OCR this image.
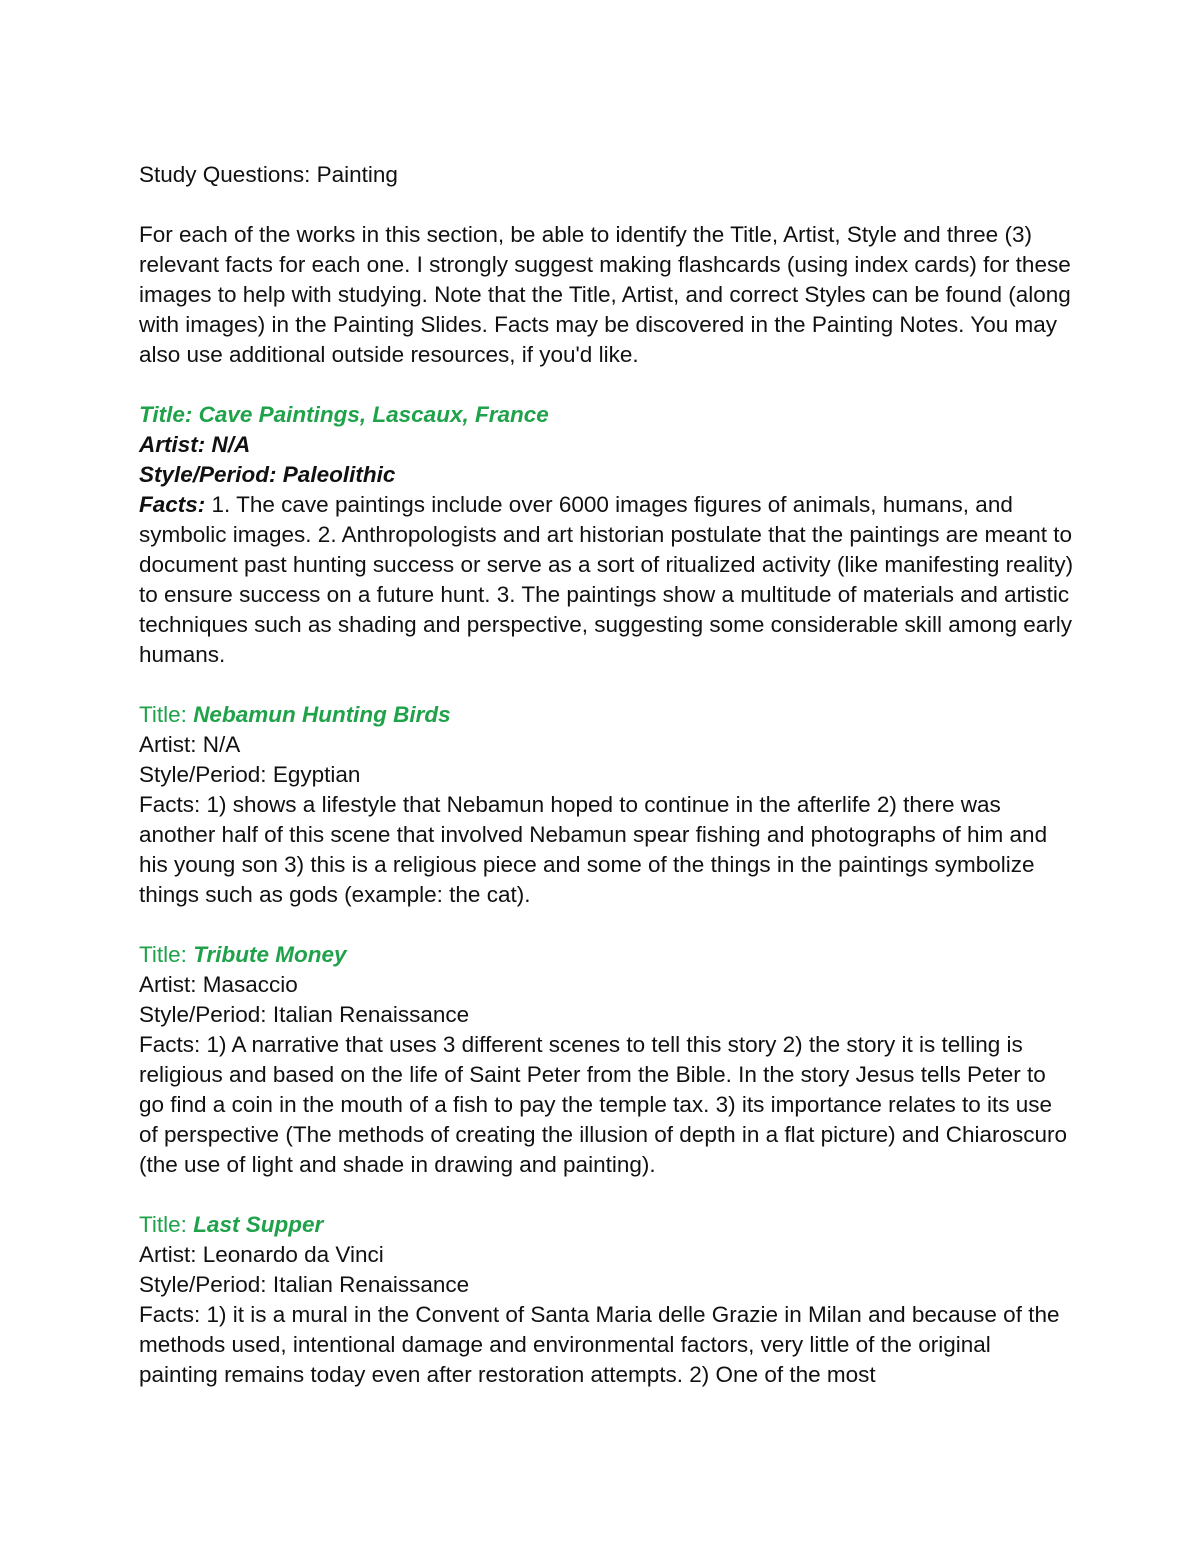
Study Questions: Painting

For each of the works in this section, be able to identify the Title, Artist, Style and three (3) relevant facts for each one. I strongly suggest making flashcards (using index cards) for these images to help with studying. Note that the Title, Artist, and correct Styles can be found (along with images) in the Painting Slides. Facts may be discovered in the Painting Notes. You may also use additional outside resources, if you'd like.

Title: Cave Paintings, Lascaux, France
Artist: N/A
Style/Period: Paleolithic
Facts: 1. The cave paintings include over 6000 images figures of animals, humans, and symbolic images. 2. Anthropologists and art historian postulate that the paintings are meant to document past hunting success or serve as a sort of ritualized activity (like manifesting reality) to ensure success on a future hunt. 3. The paintings show a multitude of materials and artistic techniques such as shading and perspective, suggesting some considerable skill among early humans.
Title: Nebamun Hunting Birds
Artist: N/A
Style/Period: Egyptian
Facts: 1) shows a lifestyle that Nebamun hoped to continue in the afterlife 2) there was another half of this scene that involved Nebamun spear fishing and photographs of him and his young son 3) this is a religious piece and some of the things in the paintings symbolize things such as gods (example: the cat).
Title: Tribute Money
Artist: Masaccio
Style/Period: Italian Renaissance
Facts: 1) A narrative that uses 3 different scenes to tell this story 2) the story it is telling is religious and based on the life of Saint Peter from the Bible. In the story Jesus tells Peter to go find a coin in the mouth of a fish to pay the temple tax. 3) its importance relates to its use of perspective (The methods of creating the illusion of depth in a flat picture) and Chiaroscuro (the use of light and shade in drawing and painting).
Title: Last Supper
Artist: Leonardo da Vinci
Style/Period: Italian Renaissance
Facts: 1) it is a mural in the Convent of Santa Maria delle Grazie in Milan and because of the methods used, intentional damage and environmental factors, very little of the original painting remains today even after restoration attempts. 2) One of the most
